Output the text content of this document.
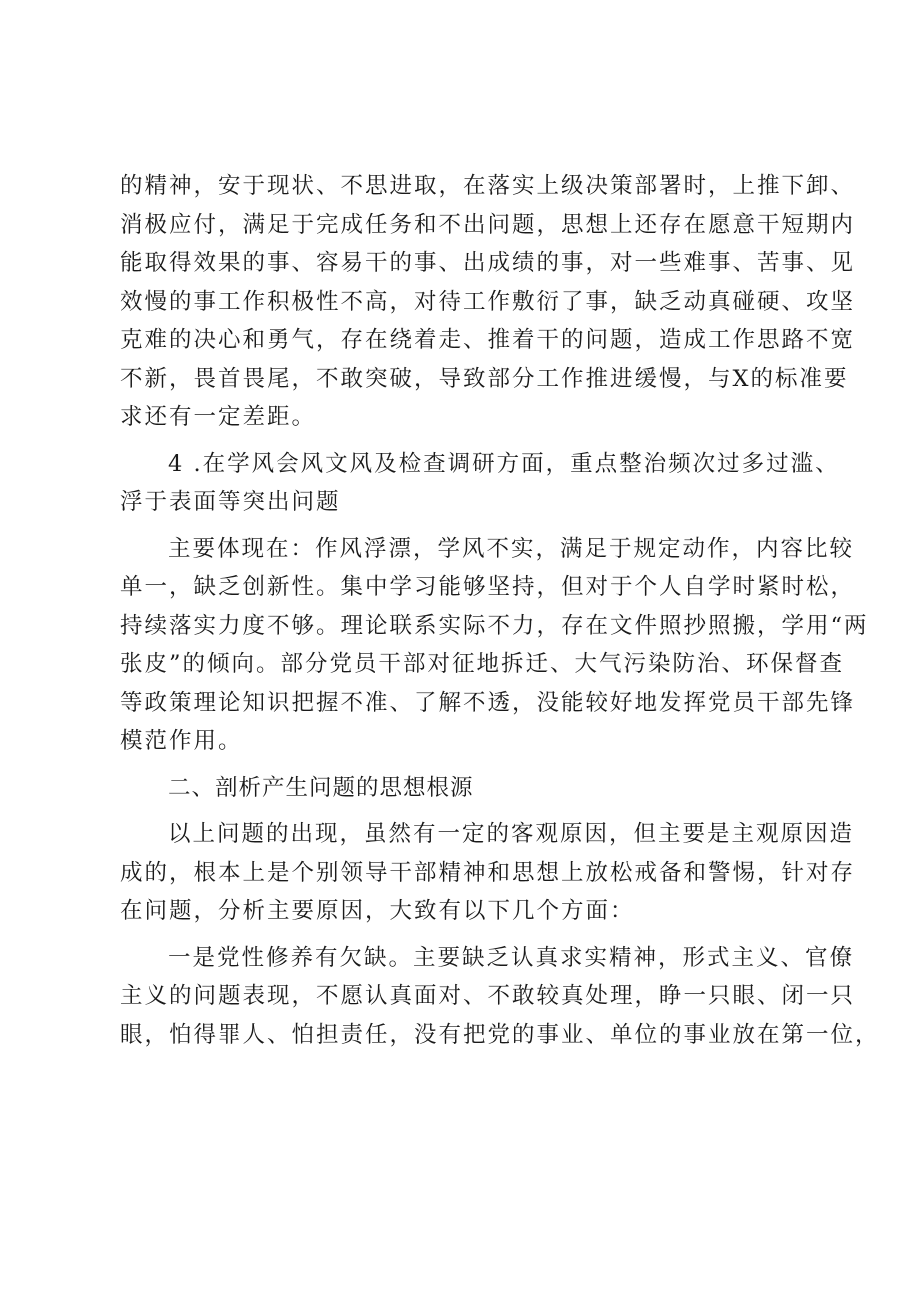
的精神，安于现状、不思进取，在落实上级决策部署时，上推下卸、
消极应付，满足于完成任务和不出问题，思想上还存在愿意干短期内
能取得效果的事、容易干的事、出成绩的事，对一些难事、苦事、见
效慢的事工作积极性不高，对待工作敷衍了事，缺乏动真碰硬、攻坚
克难的决心和勇气，存在绕着走、推着干的问题，造成工作思路不宽
不新，畏首畏尾，不敢突破，导致部分工作推进缓慢，与X的标准要
求还有一定差距。
4 .在学风会风文风及检查调研方面，重点整治频次过多过滥、
浮于表面等突出问题
主要体现在：作风浮漂，学风不实，满足于规定动作，内容比较
单一，缺乏创新性。集中学习能够坚持，但对于个人自学时紧时松，
持续落实力度不够。理论联系实际不力，存在文件照抄照搬，学用“两
张皮”的倾向。部分党员干部对征地拆迁、大气污染防治、环保督查
等政策理论知识把握不准、了解不透，没能较好地发挥党员干部先锋
模范作用。
二、剖析产生问题的思想根源
以上问题的出现，虽然有一定的客观原因，但主要是主观原因造
成的，根本上是个别领导干部精神和思想上放松戒备和警惕，针对存
在问题，分析主要原因，大致有以下几个方面：
一是党性修养有欠缺。主要缺乏认真求实精神，形式主义、官僚
主义的问题表现，不愿认真面对、不敢较真处理，睁一只眼、闭一只
眼，怕得罪人、怕担责任，没有把党的事业、单位的事业放在第一位，
